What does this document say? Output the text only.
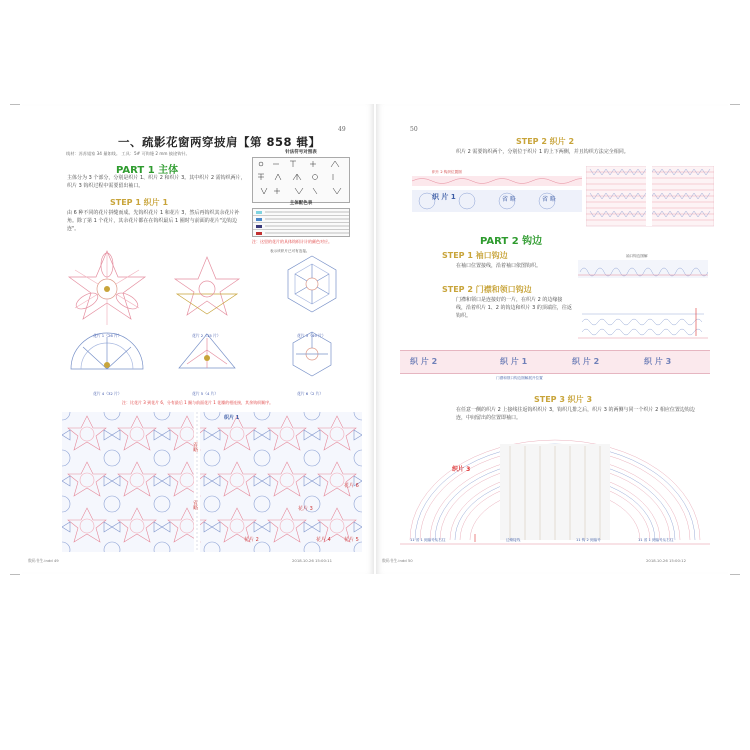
49
一、疏影花窗两穿披肩【第 858 辑】
线材：苏苏姐家 34 量如线。 工具：5# 可钩缝 2 mm 披途钩针。
PART 1 主体
主体分为 3 个部分，分别是织片 1、织片 2 和织片 3。其中织片 2 需钩织两片，织片 3 钩织过程中需要留出袖口。
STEP 1 织片 1
由 6 种不同的花片拼缝而成。先钩织花片 1 和花片 3，然后再钩织其余花片补角。除了第 1 个花片，其余花片都在在钩织最后 1 圈时与前面的花片"边钩边连"。
针法符号对照表
主体配色表
注：这里的花片的具体钩织计计的颜色对应。
表示该织片已可有连接。
花片 1（26 片）	花片 2（15 片）	花片 3（49 片）
花片 4（32 片）	花片 5（4 片）	花片 6（2 片）
注：比花片 3 到花片 6，分有最后 1 圈与前面花片 1 花瓣的相连接，其余钩织顺序。
织片 1
省略
省略
花片 6
花片 3
花片 2	花片 4	花片 5
数码书生.indd 49	2018.10.26 15:00:11
50
STEP 2 织片 2
织片 2 需要钩织两个，分别位于织片 1 的上下两侧，并且钩织方法完全相同。
织片 2 钩织位置图
织 片 1	省 略	省 略
PART 2 钩边
STEP 1 袖口钩边
在袖口位置接线，沿着袖口依图钩织。
袖口钩边图解
STEP 2 门襟和领口钩边
门襟和领口是连接好的一片，在织片 2 的边缘接线，沿着织片 1、2 的钩边和织片 3 的顶端往，往返钩织。
织 片 2	织 片 1	织 片 2	织 片 3
门襟和领口钩边图解展开位置
STEP 3 织片 3
在任意一侧的织片 2 上接线往返钩织织片 3，钩织几排之后，织片 3 的两侧与同一个织片 2 相应位置边钩边连，中间留出的位置即袖口。
织片 3
11 省 1 到编号从右往	边缘接线	11 钩 2 到编号	11 省 1 到编号从右往
数码书生.indd 50	2018.10.26 15:00:12
